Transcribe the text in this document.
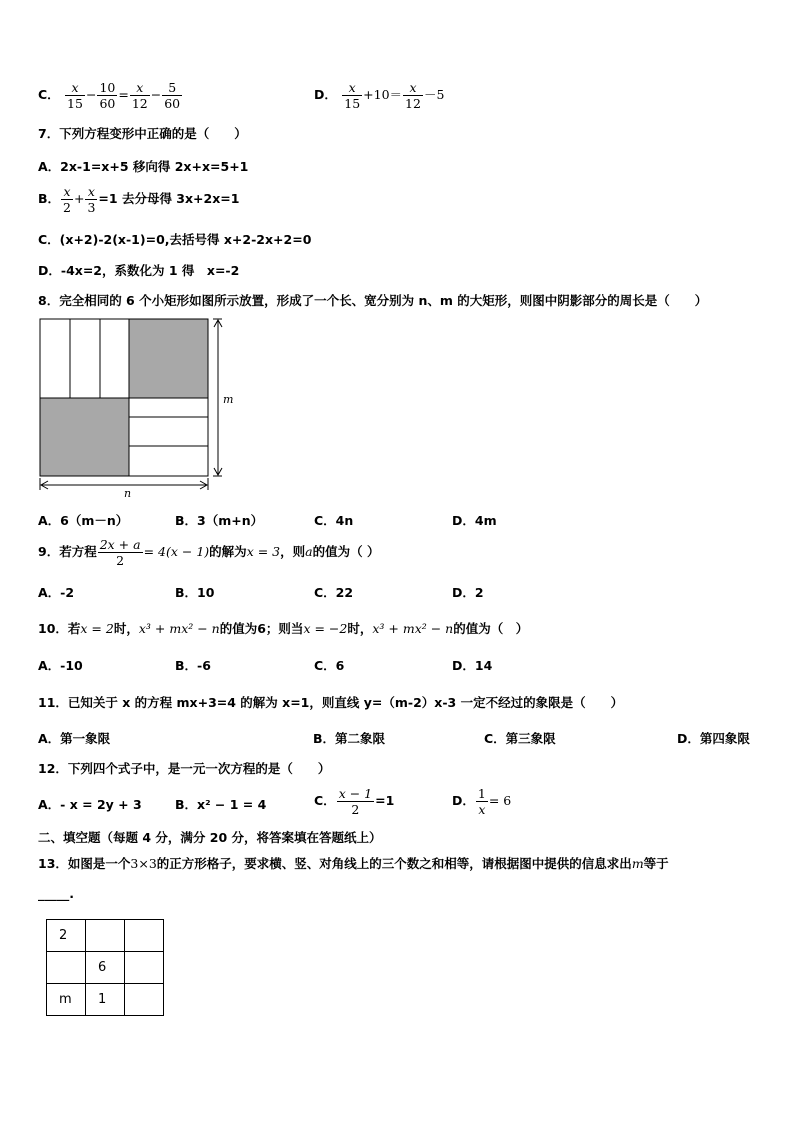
C． $\frac{x}{15} - \frac{10}{60} = \frac{x}{12} - \frac{5}{60}$	D． $\frac{x}{15} +10= \frac{x}{12} -5$
7．下列方程变形中正确的是（　　）
A．2x-1=x+5 移向得 2x+x=5+1
B． $\frac{x}{2} + \frac{x}{3} =1$ 去分母得 3x+2x=1
C．(x+2)-2(x-1)=0,去括号得 x+2-2x+2=0
D．-4x=2，系数化为 1 得　x=-2
8．完全相同的 6 个小矩形如图所示放置，形成了一个长、宽分别为 n、m 的大矩形，则图中阴影部分的周长是（　　）
m
n
A．6（m－n）	B．3（m+n）	C．4n	D．4m
9．若方程 $\frac{2x + a}{2} = 4(x - 1)$的解为x = 3，则a的值为（ ）
A．-2	B．10	C．22	D．2
10．若x = 2时，x³ + mx² − n的值为6；则当x = −2时，x³ + mx² − n的值为（　）
A．-10	B．-6	C．6	D．14
11．已知关于 x 的方程 mx+3=4 的解为 x=1，则直线 y=（m-2）x-3 一定不经过的象限是（　　）
A．第一象限	B．第二象限	C．第三象限	D．第四象限
12．下列四个式子中，是一元一次方程的是（　　）
A．- x = 2y + 3	B．x² − 1 = 4	C． $\frac{x - 1}{2} =1$	D． $\frac{1}{x} = 6$
二、填空题（每题 4 分，满分 20 分，将答案填在答题纸上）
13．如图是一个3×3的正方形格子，要求横、竖、对角线上的三个数之和相等，请根据图中提供的信息求出m等于
_____.
2		
	6	
m	1	
